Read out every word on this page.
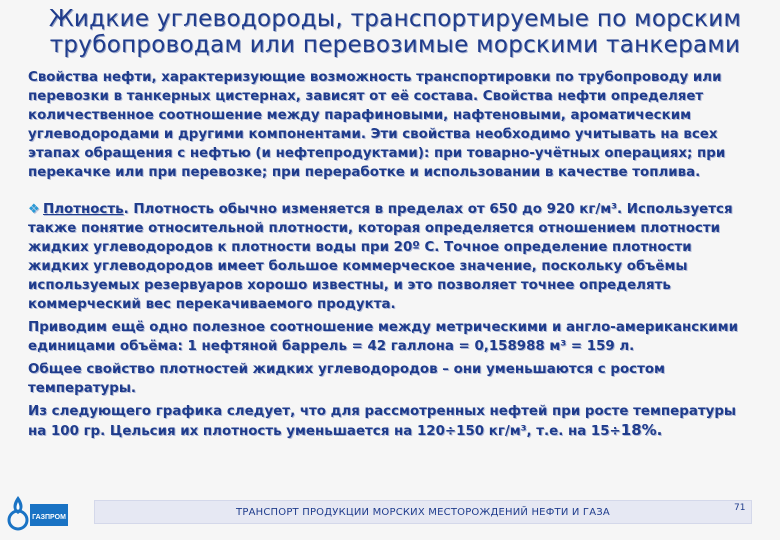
Жидкие углеводороды, транспортируемые по морским трубопроводам или перевозимые морскими танкерами

Свойства нефти, характеризующие возможность транспортировки по трубопроводу или перевозки в танкерных цистернах, зависят от её состава. Свойства нефти определяет количественное соотношение между парафиновыми, нафтеновыми, ароматическим углеводородами и другими компонентами. Эти свойства необходимо учитывать на всех этапах обращения с нефтью (и нефтепродуктами): при товарно-учётных операциях; при перекачке или при перевозке; при переработке и использовании в качестве топлива.

❖ Плотность. Плотность обычно изменяется в пределах от 650 до 920 кг/м³. Используется также понятие относительной плотности, которая определяется отношением плотности жидких углеводородов к плотности воды при 20º С. Точное определение плотности жидких углеводородов имеет большое коммерческое значение, поскольку объёмы используемых резервуаров хорошо известны, и это позволяет точнее определять коммерческий вес перекачиваемого продукта.

Приводим ещё одно полезное соотношение между метрическими и англо-американскими единицами объёма: 1 нефтяной баррель = 42 галлона = 0,158988 м³ = 159 л.

Общее свойство плотностей жидких углеводородов – они уменьшаются с ростом температуры.

Из следующего графика следует, что для рассмотренных нефтей при росте температуры на 100 гр. Цельсия их плотность уменьшается на 120÷150 кг/м³, т.е. на 15÷18%.

ГАЗПРОМ	ТРАНСПОРТ ПРОДУКЦИИ МОРСКИХ МЕСТОРОЖДЕНИЙ НЕФТИ И ГАЗА	71
